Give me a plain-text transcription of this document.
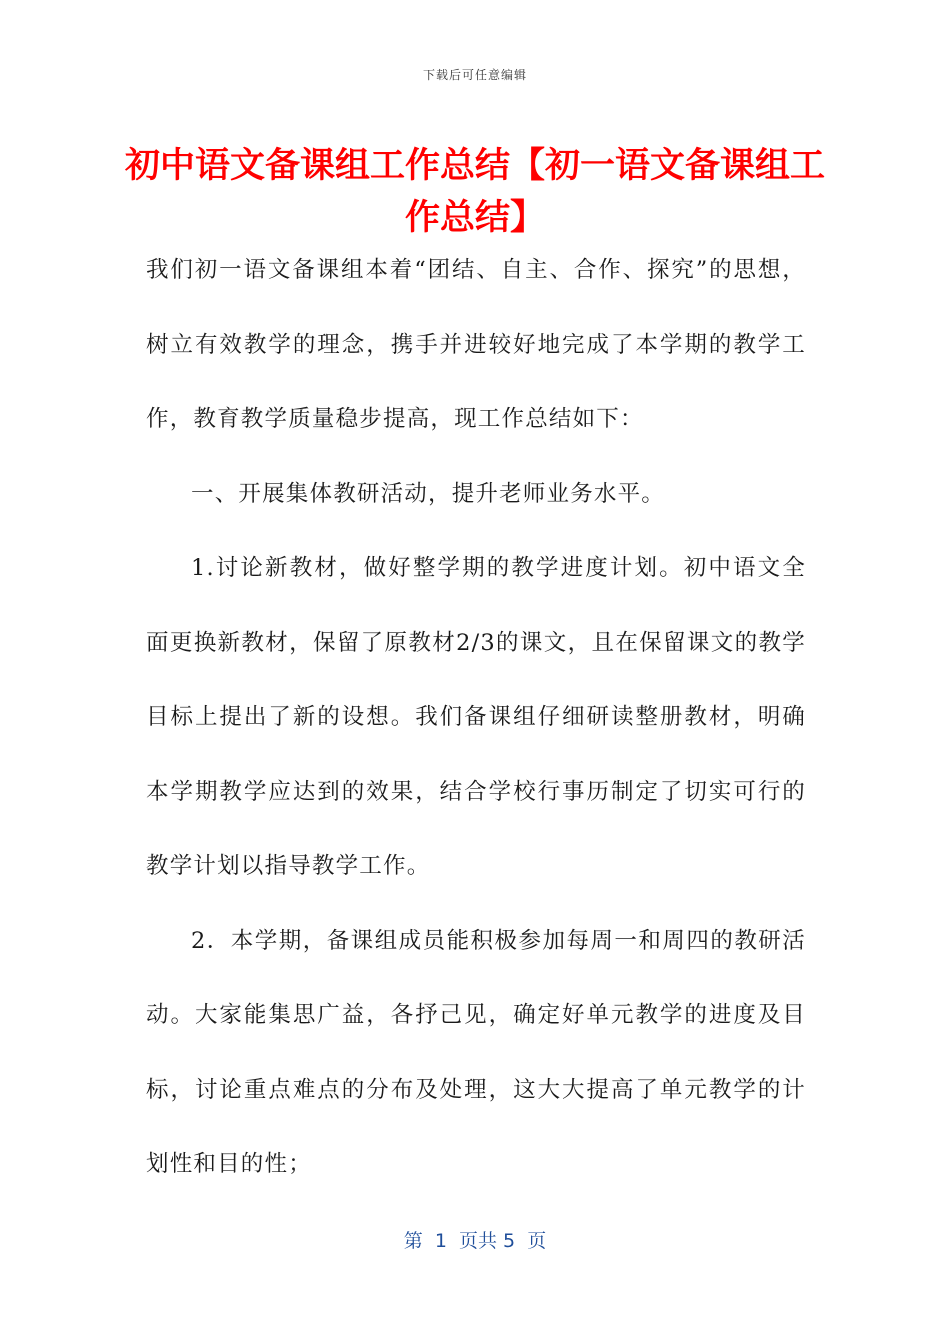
下载后可任意编辑
初中语文备课组工作总结【初一语文备课组工作总结】

我们初一语文备课组本着“团结、自主、合作、探究”的思想，树立有效教学的理念，携手并进较好地完成了本学期的教学工作，教育教学质量稳步提高，现工作总结如下：

一、开展集体教研活动，提升老师业务水平。

1.讨论新教材，做好整学期的教学进度计划。初中语文全面更换新教材，保留了原教材2/3的课文，且在保留课文的教学目标上提出了新的设想。我们备课组仔细研读整册教材，明确本学期教学应达到的效果，结合学校行事历制定了切实可行的教学计划以指导教学工作。

2．本学期，备课组成员能积极参加每周一和周四的教研活动。大家能集思广益，各抒己见，确定好单元教学的进度及目标，讨论重点难点的分布及处理，这大大提高了单元教学的计划性和目的性；

第  1  页共 5  页
